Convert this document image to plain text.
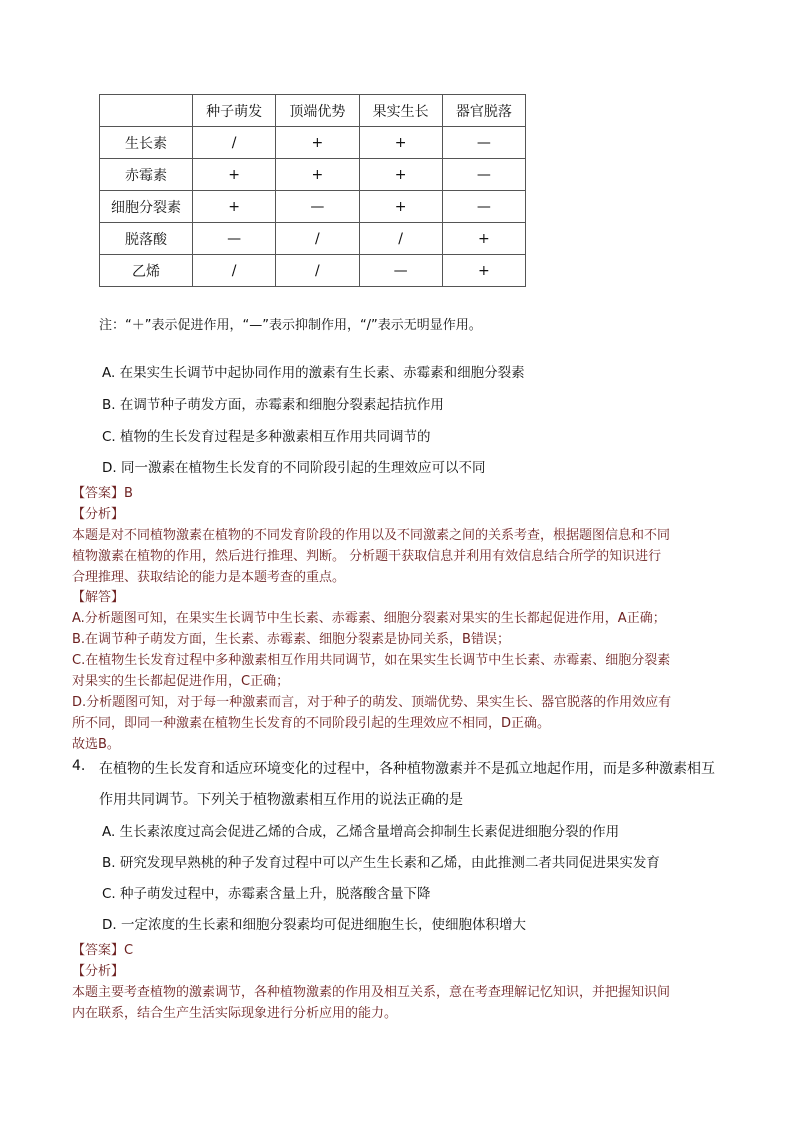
	种子萌发	顶端优势	果实生长	器官脱落
生长素	/	+	+	—
赤霉素	+	+	+	—
细胞分裂素	+	—	+	—
脱落酸	—	/	/	+
乙烯	/	/	—	+
注：“＋”表示促进作用，“—”表示抑制作用，“/”表示无明显作用。
A. 在果实生长调节中起协同作用的激素有生长素、赤霉素和细胞分裂素
B. 在调节种子萌发方面，赤霉素和细胞分裂素起拮抗作用
C. 植物的生长发育过程是多种激素相互作用共同调节的
D. 同一激素在植物生长发育的不同阶段引起的生理效应可以不同
【答案】B
【分析】
本题是对不同植物激素在植物的不同发育阶段的作用以及不同激素之间的关系考查，根据题图信息和不同
植物激素在植物的作用，然后进行推理、判断。 分析题干获取信息并利用有效信息结合所学的知识进行
合理推理、获取结论的能力是本题考查的重点。
【解答】
A.分析题图可知，在果实生长调节中生长素、赤霉素、细胞分裂素对果实的生长都起促进作用，A正确；
B.在调节种子萌发方面，生长素、赤霉素、细胞分裂素是协同关系，B错误；
C.在植物生长发育过程中多种激素相互作用共同调节，如在果实生长调节中生长素、赤霉素、细胞分裂素
对果实的生长都起促进作用，C正确；
D.分析题图可知，对于每一种激素而言，对于种子的萌发、顶端优势、果实生长、器官脱落的作用效应有
所不同，即同一种激素在植物生长发育的不同阶段引起的生理效应不相同，D正确。
故选B。
4. 在植物的生长发育和适应环境变化的过程中，各种植物激素并不是孤立地起作用，而是多种激素相互
作用共同调节。下列关于植物激素相互作用的说法正确的是
A. 生长素浓度过高会促进乙烯的合成，乙烯含量增高会抑制生长素促进细胞分裂的作用
B. 研究发现早熟桃的种子发育过程中可以产生生长素和乙烯，由此推测二者共同促进果实发育
C. 种子萌发过程中，赤霉素含量上升，脱落酸含量下降
D. 一定浓度的生长素和细胞分裂素均可促进细胞生长，使细胞体积增大
【答案】C
【分析】
本题主要考查植物的激素调节，各种植物激素的作用及相互关系，意在考查理解记忆知识，并把握知识间
内在联系，结合生产生活实际现象进行分析应用的能力。
